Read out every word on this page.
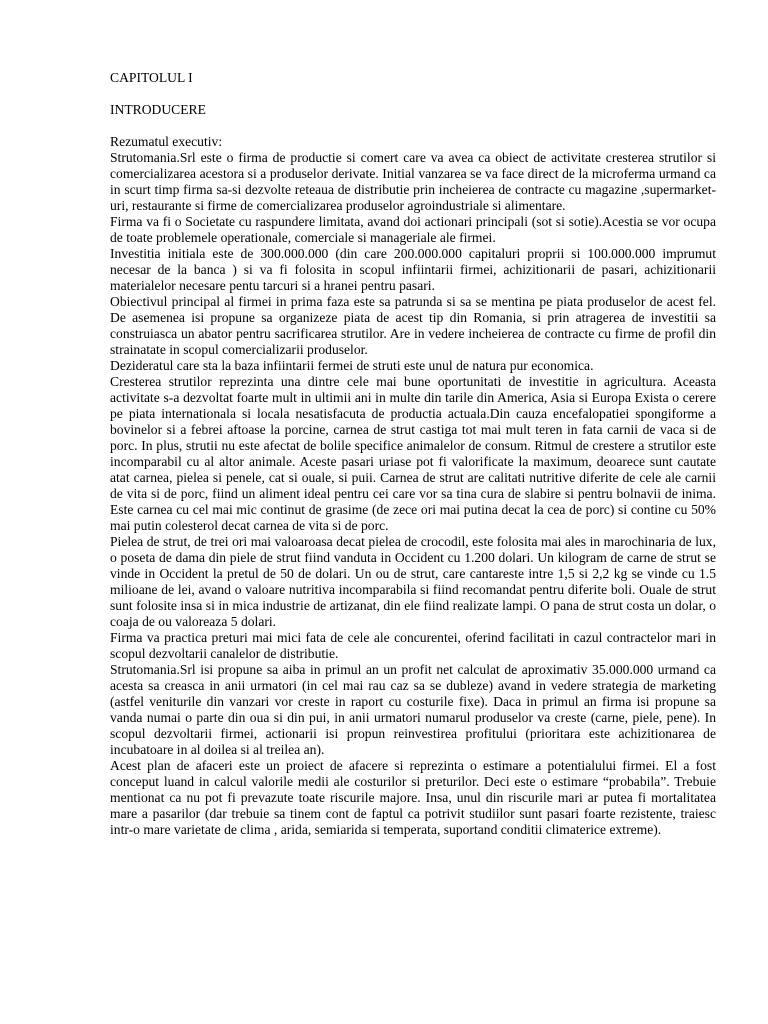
CAPITOLUL I

INTRODUCERE

Rezumatul executiv:

Strutomania.Srl este o firma de productie si comert care va avea ca obiect de activitate cresterea strutilor si comercializarea acestora si a produselor derivate. Initial vanzarea se va face direct de la microferma urmand ca in scurt timp firma sa-si dezvolte reteaua de distributie prin incheierea de contracte cu magazine ,supermarket-uri, restaurante si firme de comercializarea produselor agroindustriale si alimentare.

Firma va fi o Societate cu raspundere limitata, avand doi actionari principali (sot si sotie).Acestia se vor ocupa de toate problemele operationale, comerciale si manageriale ale firmei.

Investitia initiala este de 300.000.000 (din care 200.000.000 capitaluri proprii si 100.000.000 imprumut necesar de la banca ) si va fi folosita in scopul infiintarii firmei, achizitionarii de pasari, achizitionarii materialelor necesare pentu tarcuri si a hranei pentru pasari.

Obiectivul principal al firmei in prima faza este sa patrunda si sa se mentina pe piata produselor de acest fel. De asemenea isi propune sa organizeze piata de acest tip din Romania, si prin atragerea de investitii sa construiasca un abator pentru sacrificarea strutilor. Are in vedere incheierea de contracte cu firme de profil din strainatate in scopul comercializarii produselor.

Dezideratul care sta la baza infiintarii fermei de struti este unul de natura pur economica.

Cresterea strutilor reprezinta una dintre cele mai bune oportunitati de investitie in agricultura. Aceasta activitate s-a dezvoltat foarte mult in ultimii ani in multe din tarile din America, Asia si Europa Exista o cerere pe piata internationala si locala nesatisfacuta de productia actuala.Din cauza encefalopatiei spongiforme a bovinelor si a febrei aftoase la porcine, carnea de strut castiga tot mai mult teren in fata carnii de vaca si de porc. In plus, strutii nu este afectat de bolile specifice animalelor de consum. Ritmul de crestere a strutilor este incomparabil cu al altor animale. Aceste pasari uriase pot fi valorificate la maximum, deoarece sunt cautate atat carnea, pielea si penele, cat si ouale, si puii. Carnea de strut are calitati nutritive diferite de cele ale carnii de vita si de porc, fiind un aliment ideal pentru cei care vor sa tina cura de slabire si pentru bolnavii de inima. Este carnea cu cel mai mic continut de grasime (de zece ori mai putina decat la cea de porc) si contine cu 50% mai putin colesterol decat carnea de vita si de porc.

Pielea de strut, de trei ori mai valoaroasa decat pielea de crocodil, este folosita mai ales in marochinaria de lux, o poseta de dama din piele de strut fiind vanduta in Occident cu 1.200 dolari. Un kilogram de carne de strut se vinde in Occident la pretul de 50 de dolari. Un ou de strut, care cantareste intre 1,5 si 2,2 kg se vinde cu 1.5 milioane de lei, avand o valoare nutritiva incomparabila si fiind recomandat pentru diferite boli. Ouale de strut sunt folosite insa si in mica industrie de artizanat, din ele fiind realizate lampi. O pana de strut costa un dolar, o coaja de ou valoreaza 5 dolari.

Firma va practica preturi mai mici fata de cele ale concurentei, oferind facilitati in cazul contractelor mari in scopul dezvoltarii canalelor de distributie.

Strutomania.Srl isi propune sa aiba in primul an un profit net calculat de aproximativ 35.000.000 urmand ca acesta sa creasca in anii urmatori (in cel mai rau caz sa se dubleze) avand in vedere strategia de marketing (astfel veniturile din vanzari vor creste in raport cu costurile fixe). Daca in primul an firma isi propune sa vanda numai o parte din oua si din pui, in anii urmatori numarul produselor va creste (carne, piele, pene). In scopul dezvoltarii firmei, actionarii isi propun reinvestirea profitului (prioritara este achizitionarea de incubatoare in al doilea si al treilea an).

Acest plan de afaceri este un proiect de afacere si reprezinta o estimare a potentialului firmei. El a fost conceput luand in calcul valorile medii ale costurilor si preturilor. Deci este o estimare “probabila”. Trebuie mentionat ca nu pot fi prevazute toate riscurile majore. Insa, unul din riscurile mari ar putea fi mortalitatea mare a pasarilor (dar trebuie sa tinem cont de faptul ca potrivit studiilor sunt pasari foarte rezistente, traiesc intr-o mare varietate de clima , arida, semiarida si temperata, suportand conditii climaterice extreme).
